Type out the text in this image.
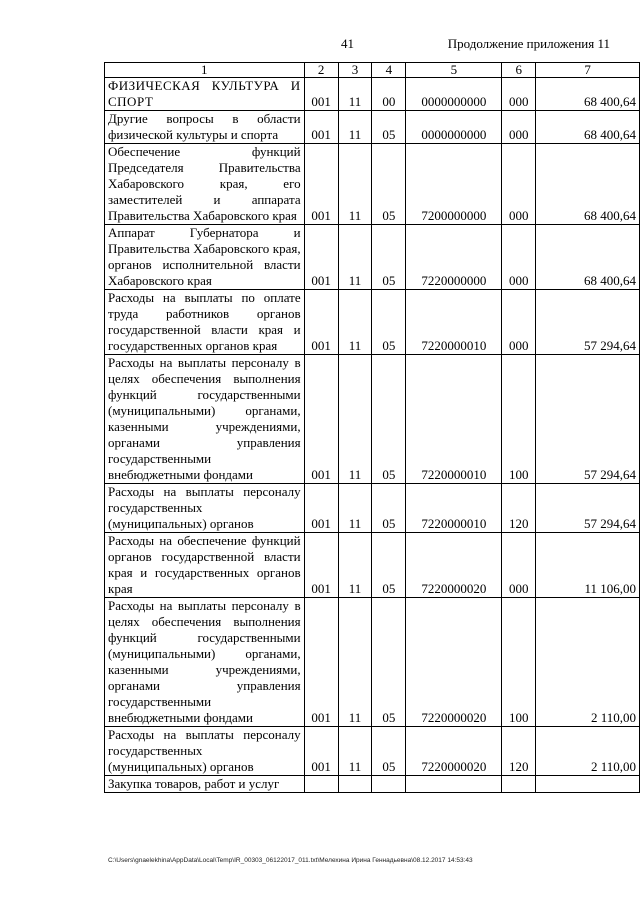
41	Продолжение приложения 11
1	2	3	4	5	6	7
ФИЗИЧЕСКАЯ КУЛЬТУРА И СПОРТ	001	11	00	0000000000	000	68 400,64
Другие вопросы в области физической культуры и спорта	001	11	05	0000000000	000	68 400,64
Обеспечение функций Председателя Правительства Хабаровского края, его заместителей и аппарата Правительства Хабаровского края	001	11	05	7200000000	000	68 400,64
Аппарат Губернатора и Правительства Хабаровского края, органов исполнительной власти Хабаровского края	001	11	05	7220000000	000	68 400,64
Расходы на выплаты по оплате труда работников органов государственной власти края и государственных органов края	001	11	05	7220000010	000	57 294,64
Расходы на выплаты персоналу в целях обеспечения выполнения функций государственными (муниципальными) органами, казенными учреждениями, органами управления государственными внебюджетными фондами	001	11	05	7220000010	100	57 294,64
Расходы на выплаты персоналу государственных (муниципальных) органов	001	11	05	7220000010	120	57 294,64
Расходы на обеспечение функций органов государственной власти края и государственных органов края	001	11	05	7220000020	000	11 106,00
Расходы на выплаты персоналу в целях обеспечения выполнения функций государственными (муниципальными) органами, казенными учреждениями, органами управления государственными внебюджетными фондами	001	11	05	7220000020	100	2 110,00
Расходы на выплаты персоналу государственных (муниципальных) органов	001	11	05	7220000020	120	2 110,00
Закупка товаров, работ и услуг						
C:\Users\gnaelekhina\AppData\Local\Temp\IR_00303_06122017_011.txt\Мелехина Ирина Геннадьевна\08.12.2017 14:53:43
